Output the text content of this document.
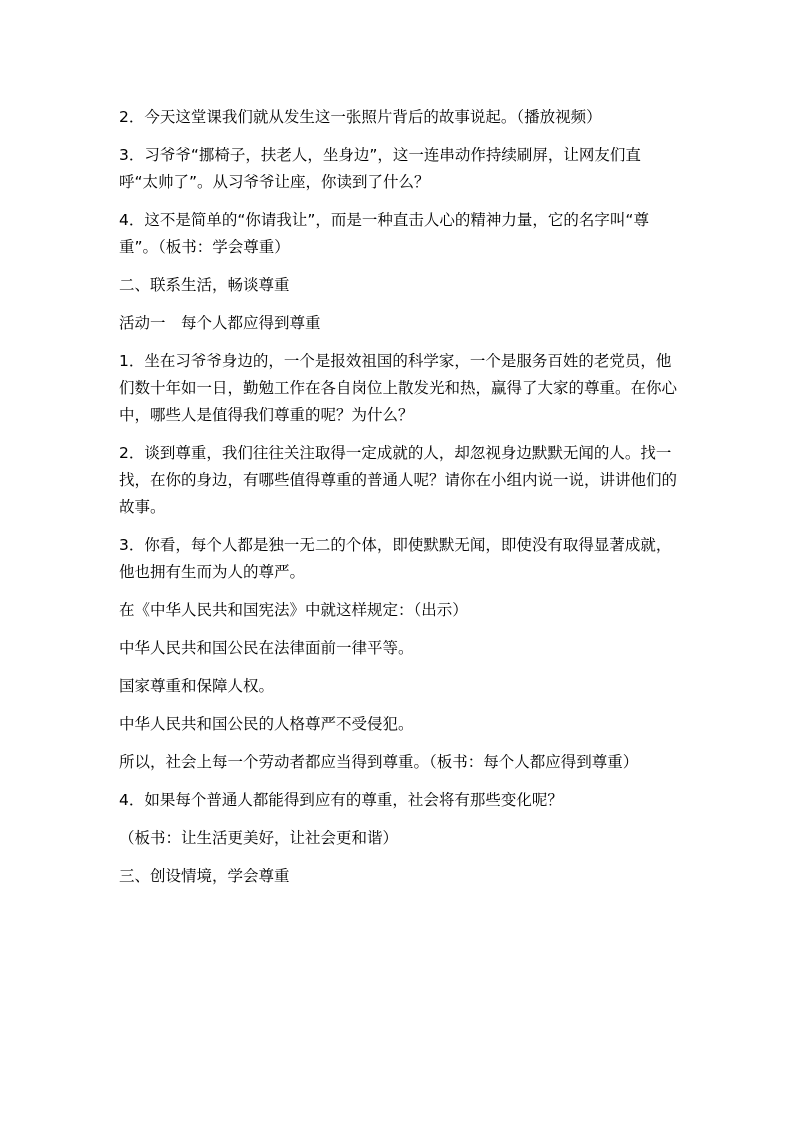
2．今天这堂课我们就从发生这一张照片背后的故事说起。（播放视频）

3．习爷爷“挪椅子，扶老人，坐身边”，这一连串动作持续刷屏，让网友们直呼“太帅了”。从习爷爷让座，你读到了什么？

4．这不是简单的“你请我让”，而是一种直击人心的精神力量，它的名字叫“尊重”。（板书：学会尊重）

二、联系生活，畅谈尊重

活动一　每个人都应得到尊重

1．坐在习爷爷身边的，一个是报效祖国的科学家，一个是服务百姓的老党员，他们数十年如一日，勤勉工作在各自岗位上散发光和热，赢得了大家的尊重。在你心中，哪些人是值得我们尊重的呢？为什么？

2．谈到尊重，我们往往关注取得一定成就的人，却忽视身边默默无闻的人。找一找，在你的身边，有哪些值得尊重的普通人呢？请你在小组内说一说，讲讲他们的故事。

3．你看，每个人都是独一无二的个体，即使默默无闻，即使没有取得显著成就，他也拥有生而为人的尊严。

在《中华人民共和国宪法》中就这样规定：（出示）

中华人民共和国公民在法律面前一律平等。

国家尊重和保障人权。

中华人民共和国公民的人格尊严不受侵犯。

所以，社会上每一个劳动者都应当得到尊重。（板书：每个人都应得到尊重）

4．如果每个普通人都能得到应有的尊重，社会将有那些变化呢？

（板书：让生活更美好，让社会更和谐）

三、创设情境，学会尊重
